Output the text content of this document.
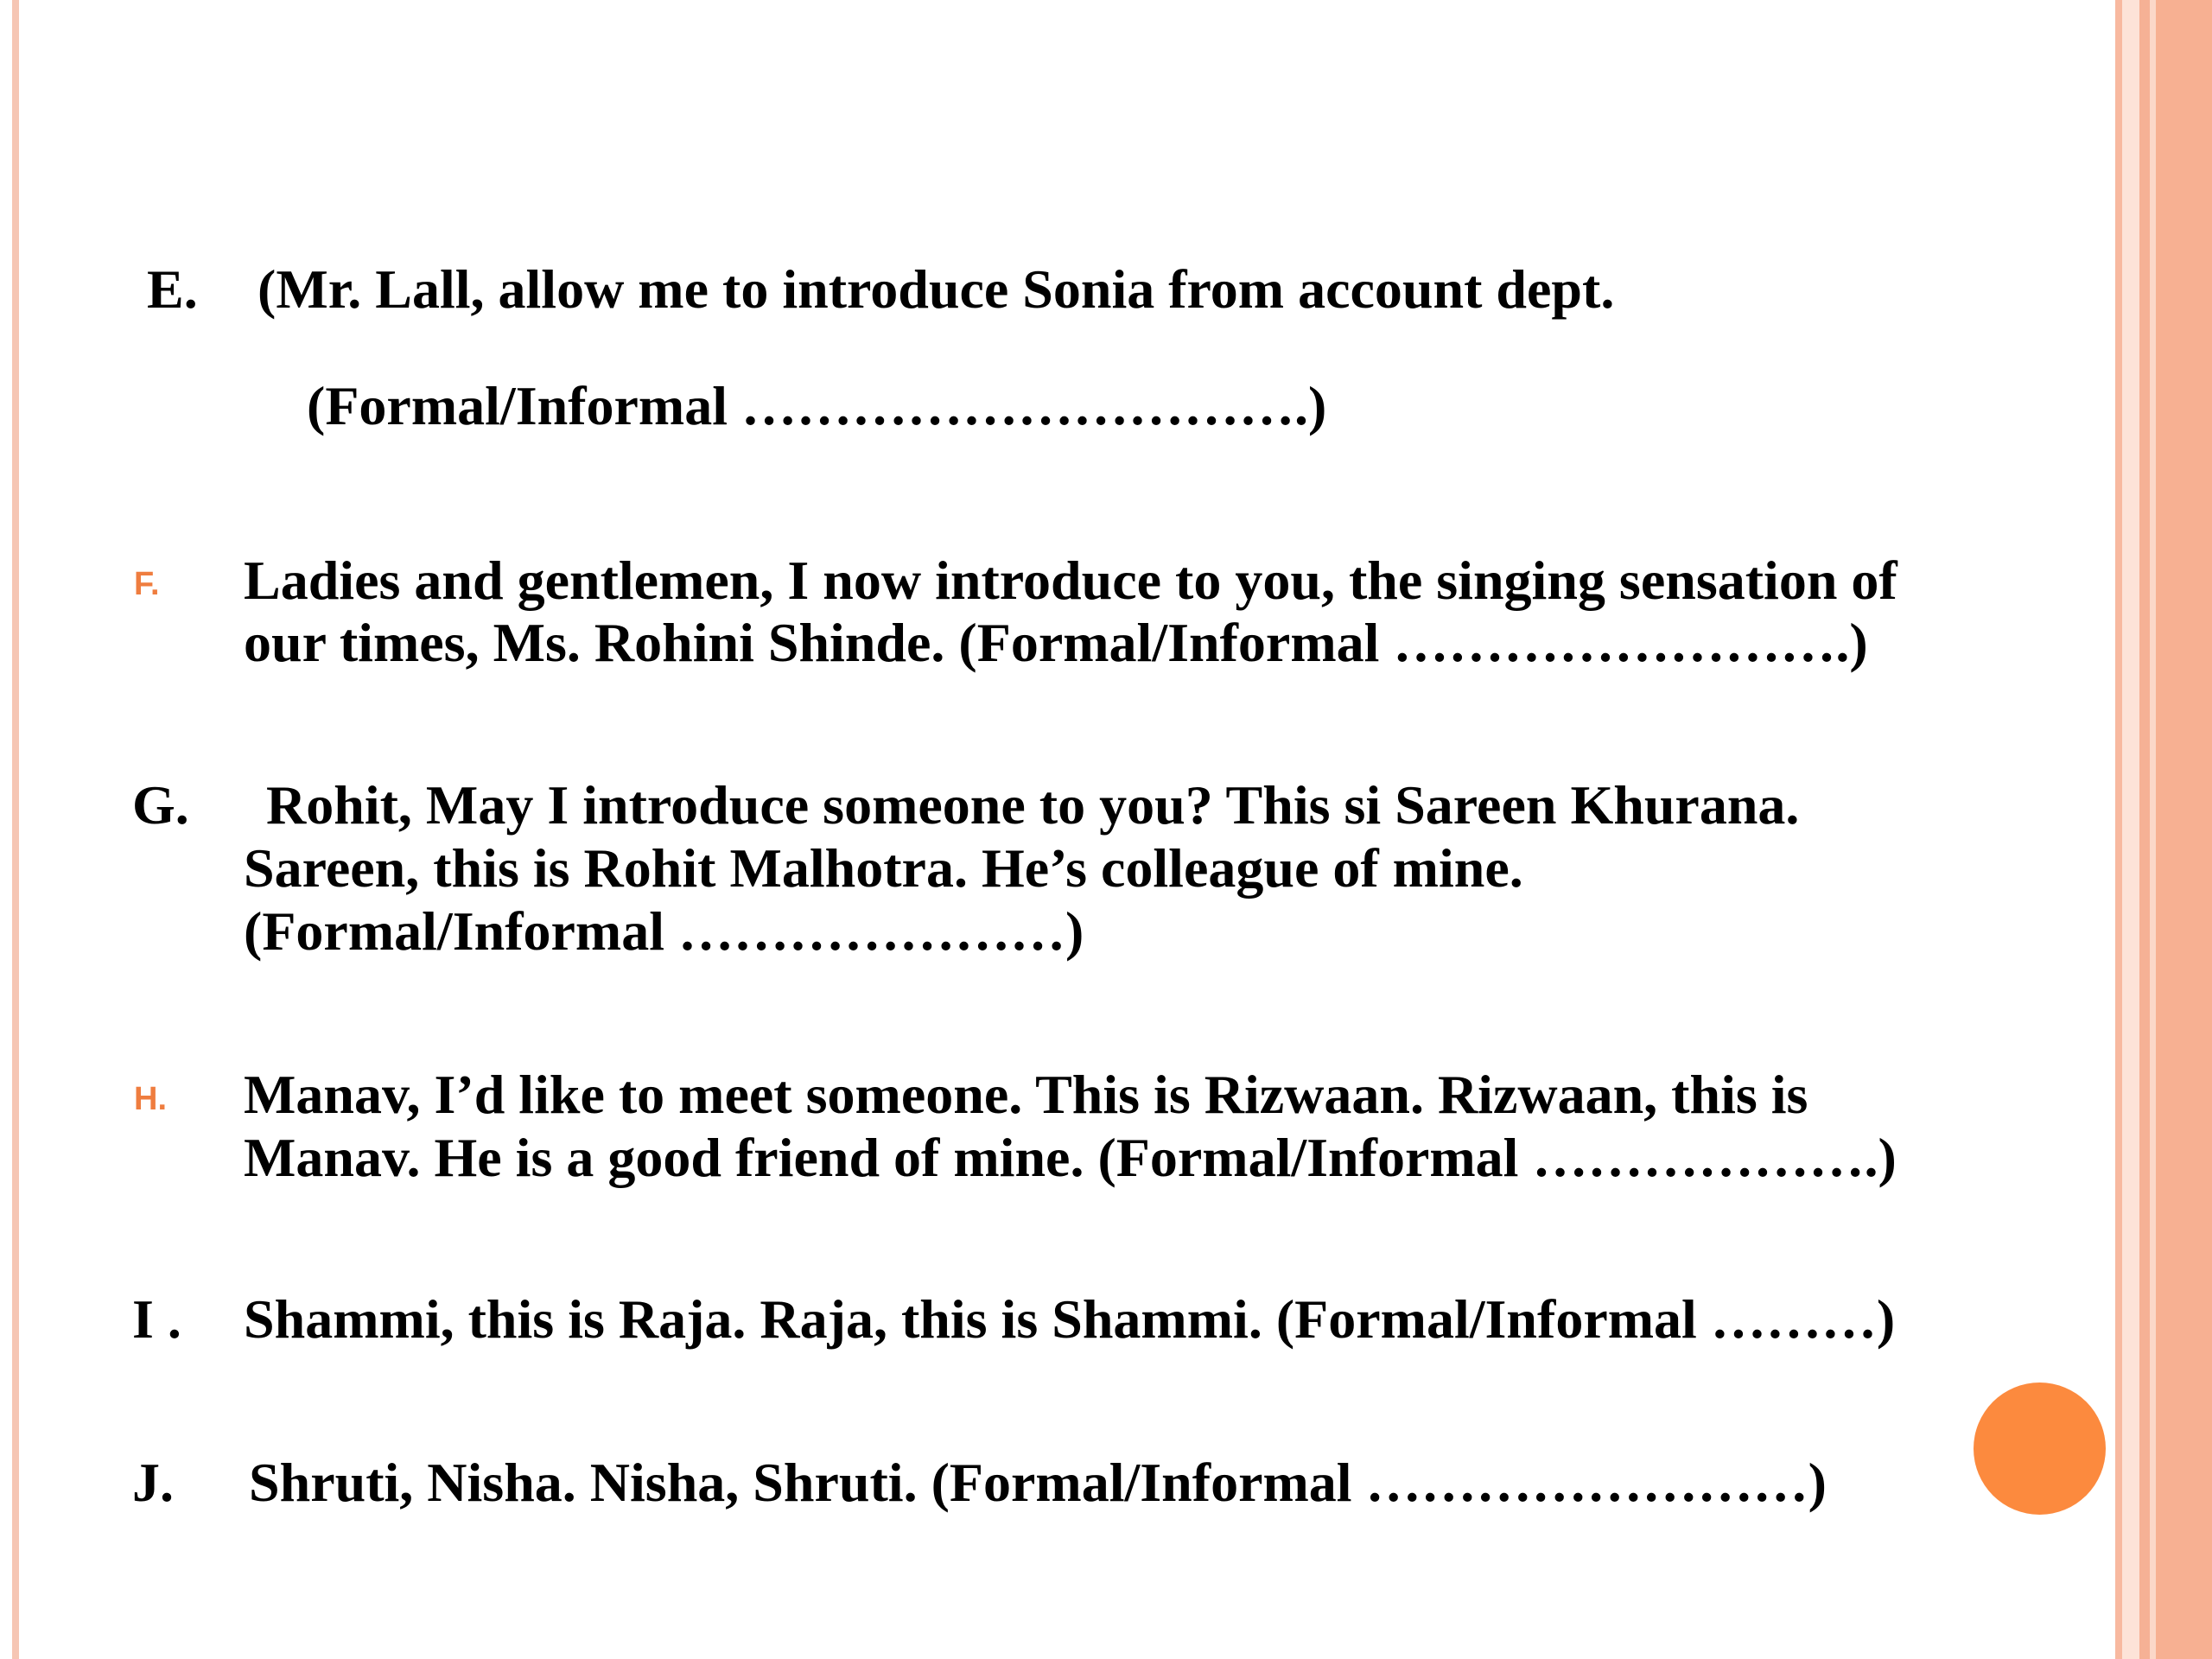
E. (Mr. Lall, allow me to introduce Sonia from account dept.
(Formal/Informal ………………………….)
F. Ladies and gentlemen, I now introduce to you, the singing sensation of
our times, Ms. Rohini Shinde. (Formal/Informal …………………….)
G. Rohit, May I introduce someone to you? This si Sareen Khurana.
Sareen, this is Rohit Malhotra. He’s colleague of mine.
(Formal/Informal …………………)
H. Manav, I’d like to meet someone. This is Rizwaan. Rizwaan, this is
Manav. He is a good friend of mine. (Formal/Informal ……………….)
I . Shammi, this is Raja. Raja, this is Shammi. (Formal/Informal ………)
J. Shruti, Nisha. Nisha, Shruti. (Formal/Informal ……………………)
